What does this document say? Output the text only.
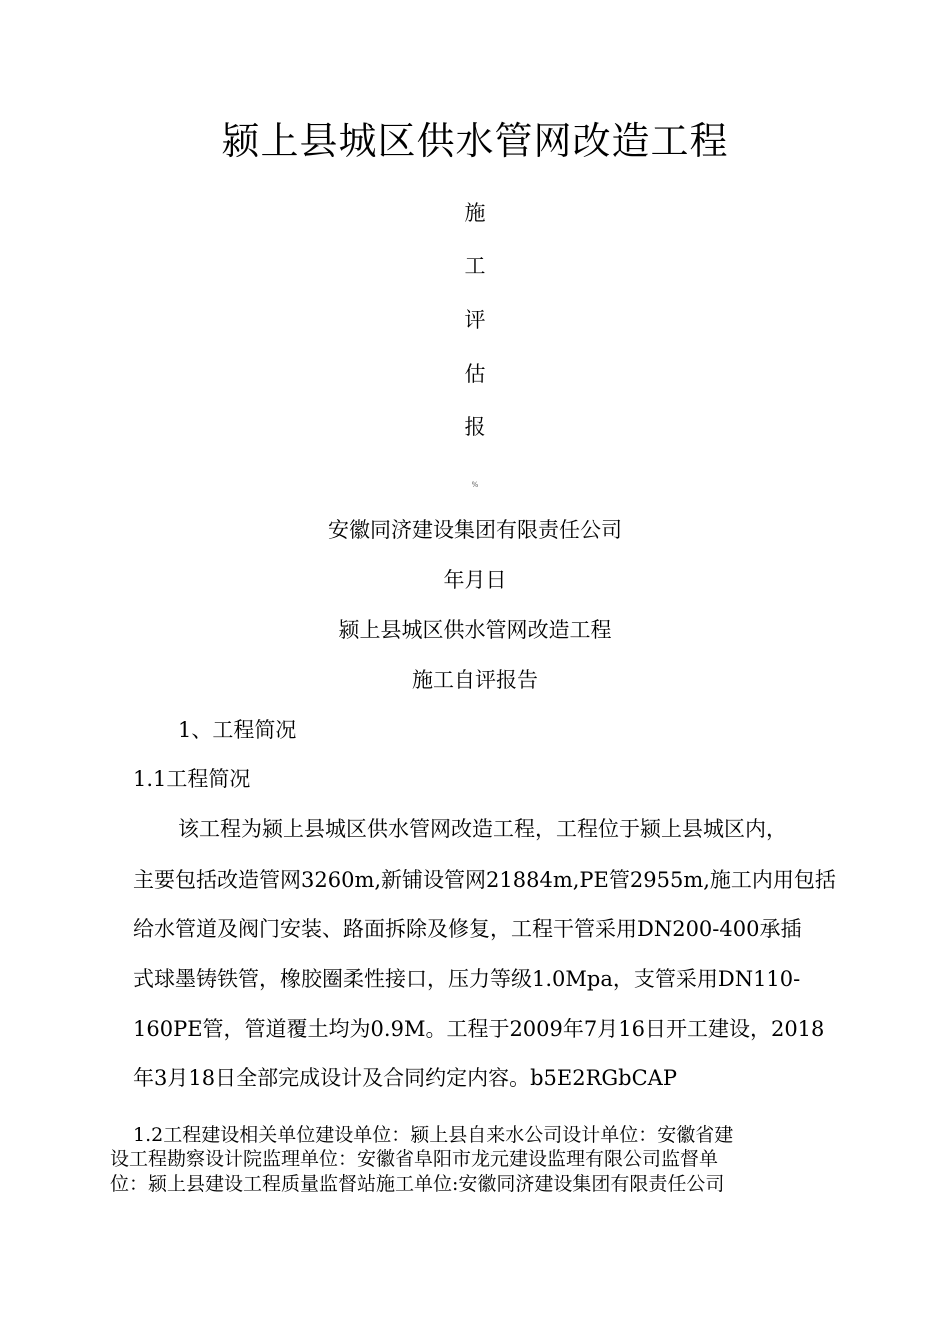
颍上县城区供水管网改造工程
施
工
评
估
报
%
安徽同济建设集团有限责任公司
年月日
颍上县城区供水管网改造工程
施工自评报告
1、工程简况
1.1工程简况
该工程为颍上县城区供水管网改造工程，工程位于颍上县城区内，
主要包括改造管网3260m,新铺设管网21884m,PE管2955m,施工内用包括
给水管道及阀门安装、路面拆除及修复，工程干管采用DN200-400承插
式球墨铸铁管，橡胶圈柔性接口，压力等级1.0Mpa，支管采用DN110-
160PE管，管道覆土均为0.9M。工程于2009年7月16日开工建设，2018
年3月18日全部完成设计及合同约定内容。b5E2RGbCAP
1.2工程建设相关单位建设单位：颍上县自来水公司设计单位：安徽省建
设工程勘察设计院监理单位：安徽省阜阳市龙元建设监理有限公司监督单
位：颍上县建设工程质量监督站施工单位:安徽同济建设集团有限责任公司
